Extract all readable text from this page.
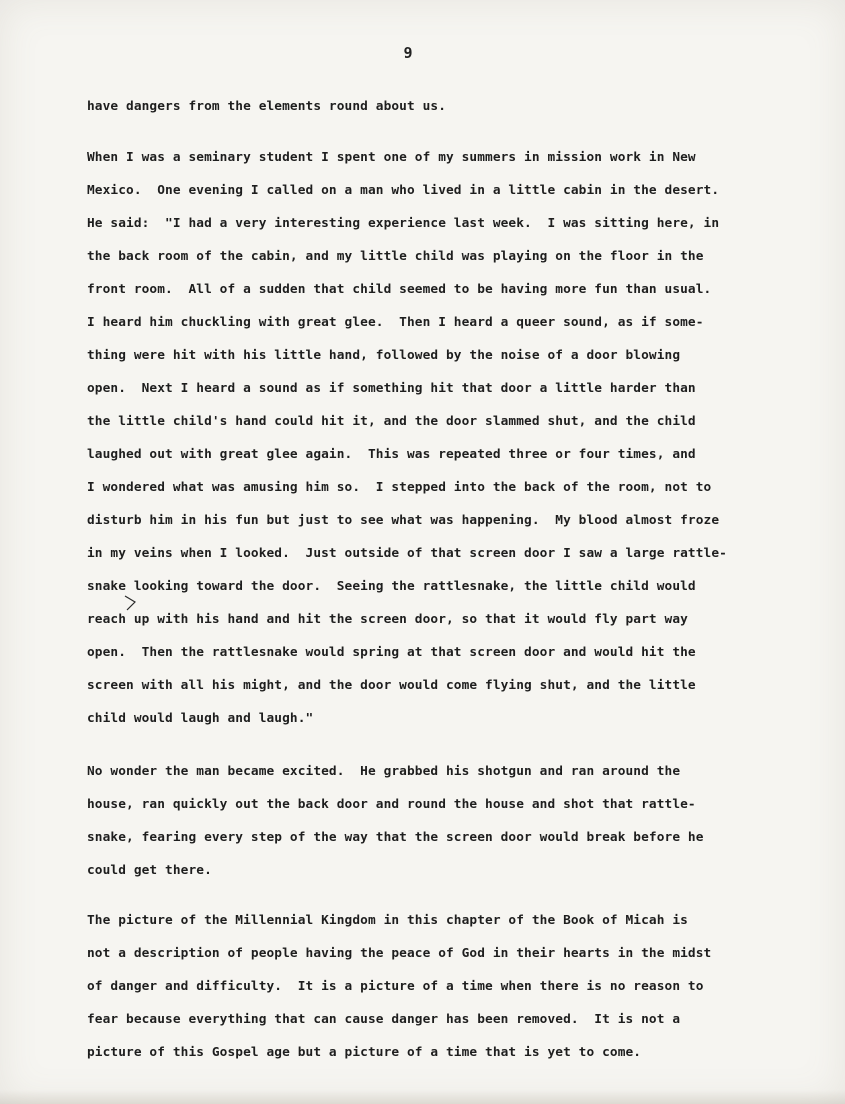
9
have dangers from the elements round about us.
When I was a seminary student I spent one of my summers in mission work in New
Mexico.  One evening I called on a man who lived in a little cabin in the desert.
He said:  "I had a very interesting experience last week.  I was sitting here, in
the back room of the cabin, and my little child was playing on the floor in the
front room.  All of a sudden that child seemed to be having more fun than usual.
I heard him chuckling with great glee.  Then I heard a queer sound, as if some-
thing were hit with his little hand, followed by the noise of a door blowing
open.  Next I heard a sound as if something hit that door a little harder than
the little child's hand could hit it, and the door slammed shut, and the child
laughed out with great glee again.  This was repeated three or four times, and
I wondered what was amusing him so.  I stepped into the back of the room, not to
disturb him in his fun but just to see what was happening.  My blood almost froze
in my veins when I looked.  Just outside of that screen door I saw a large rattle-
snake looking toward the door.  Seeing the rattlesnake, the little child would
reach up with his hand and hit the screen door, so that it would fly part way
open.  Then the rattlesnake would spring at that screen door and would hit the
screen with all his might, and the door would come flying shut, and the little
child would laugh and laugh."
No wonder the man became excited.  He grabbed his shotgun and ran around the
house, ran quickly out the back door and round the house and shot that rattle-
snake, fearing every step of the way that the screen door would break before he
could get there.
The picture of the Millennial Kingdom in this chapter of the Book of Micah is
not a description of people having the peace of God in their hearts in the midst
of danger and difficulty.  It is a picture of a time when there is no reason to
fear because everything that can cause danger has been removed.  It is not a
picture of this Gospel age but a picture of a time that is yet to come.
